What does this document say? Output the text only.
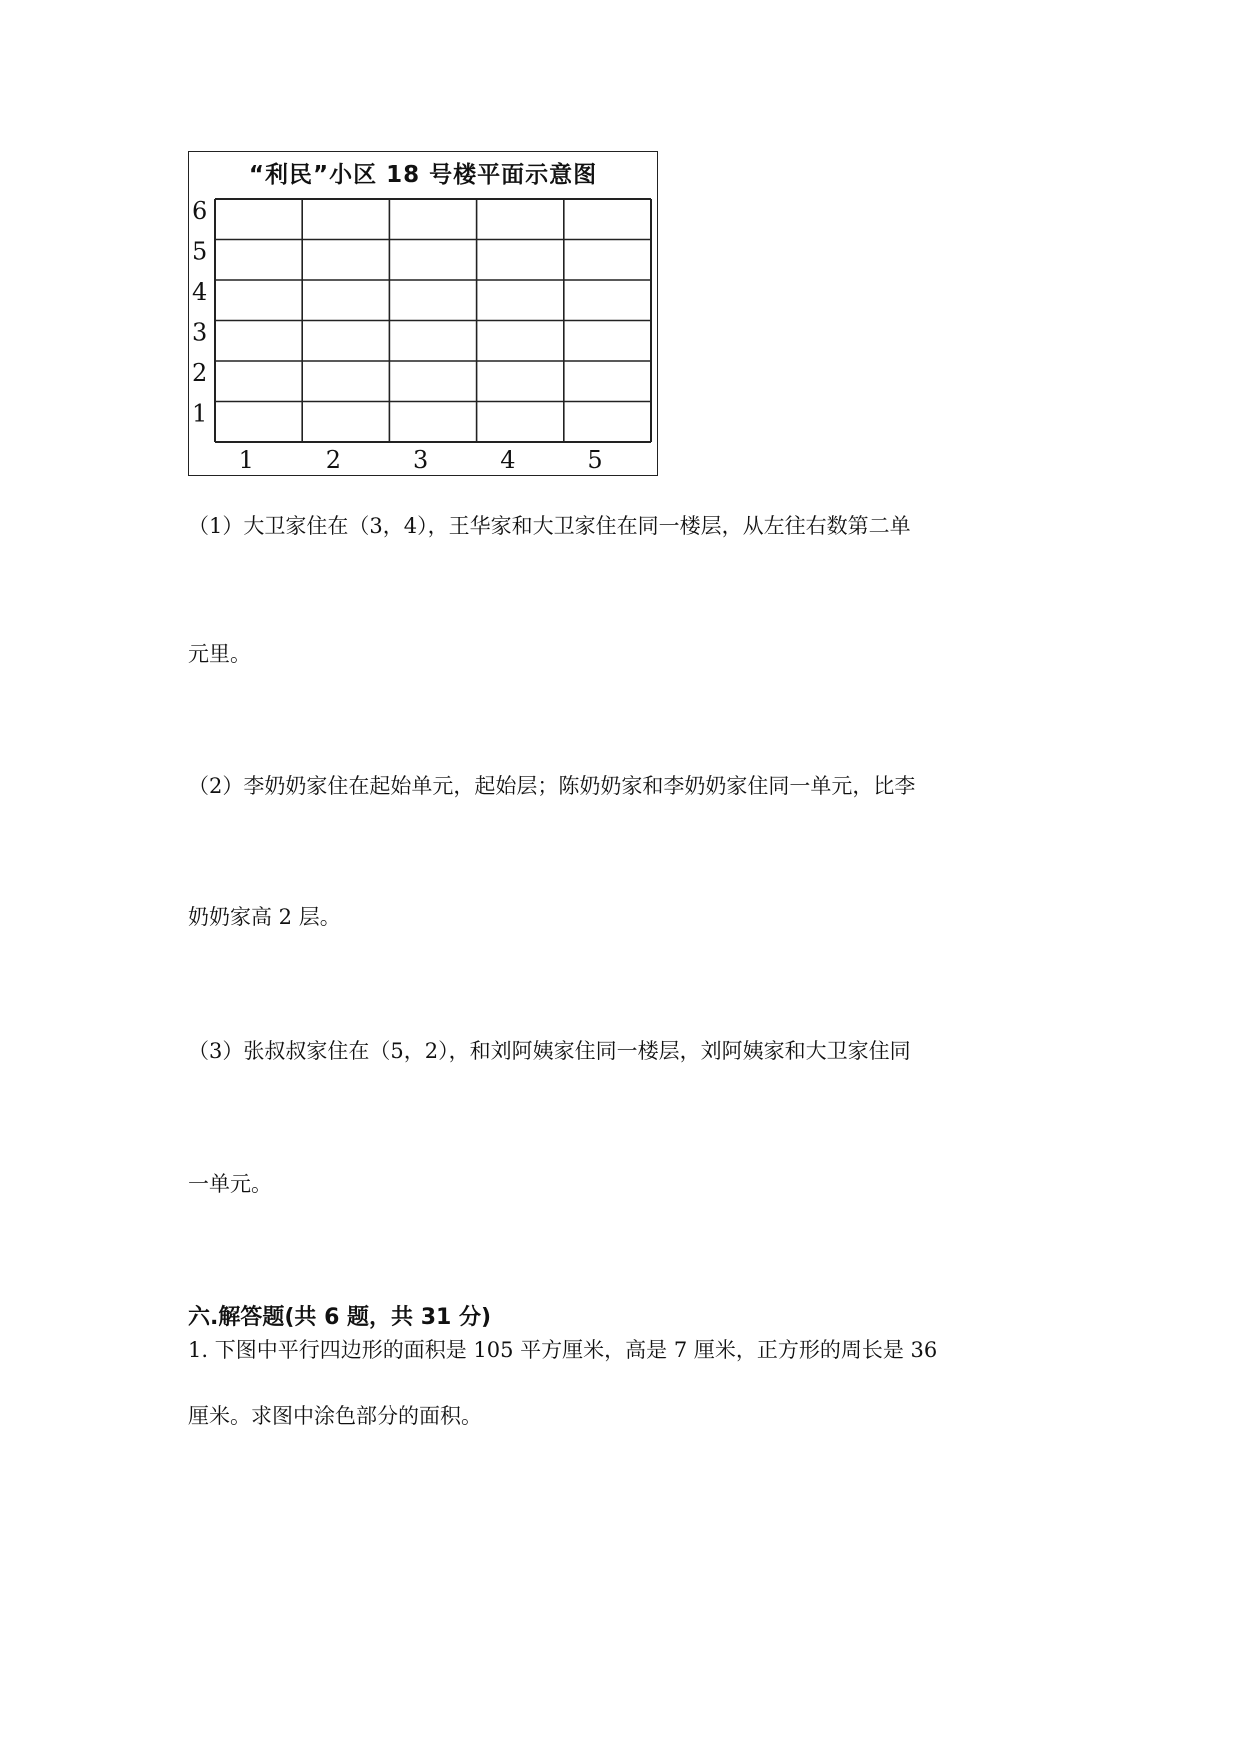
“利民”小区 18 号楼平面示意图
6
5
4
3
2
1
1	2	3	4	5
（1）大卫家住在（3，4），王华家和大卫家住在同一楼层，从左往右数第二单
元里。
（2）李奶奶家住在起始单元，起始层；陈奶奶家和李奶奶家住同一单元，比李
奶奶家高 2 层。
（3）张叔叔家住在（5，2），和刘阿姨家住同一楼层，刘阿姨家和大卫家住同
一单元。
六.解答题(共 6 题，共 31 分)
1. 下图中平行四边形的面积是 105 平方厘米，高是 7 厘米，正方形的周长是 36
厘米。求图中涂色部分的面积。
